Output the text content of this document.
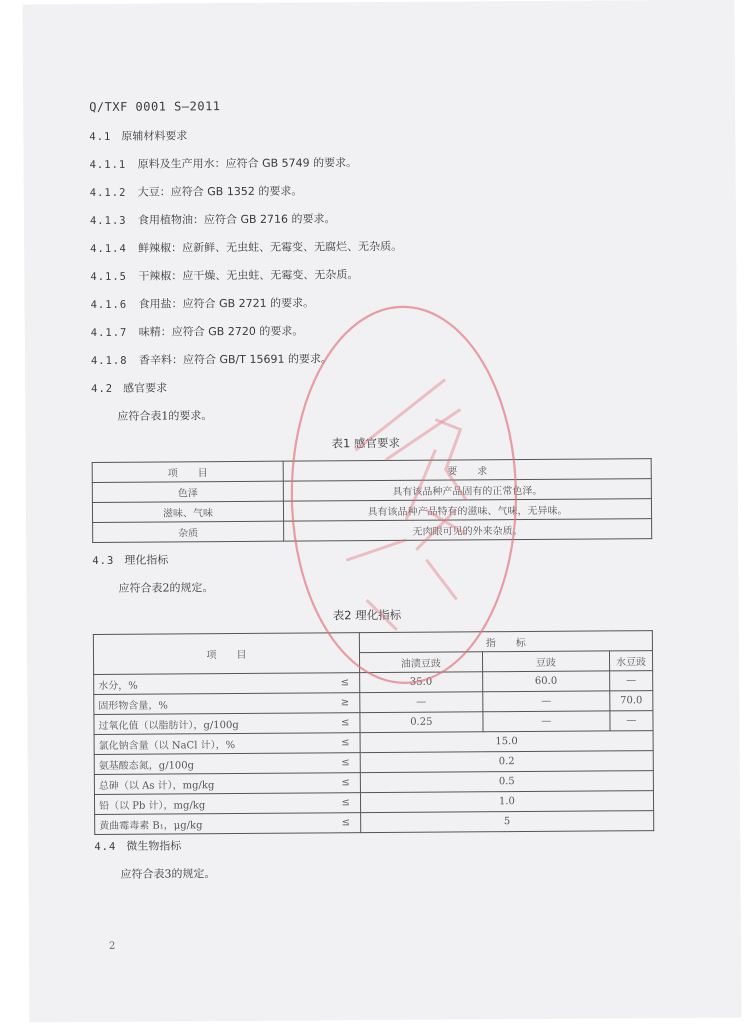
Q/TXF 0001 S—2011
4.1 原辅材料要求
4.1.1 原料及生产用水：应符合 GB 5749 的要求。
4.1.2 大豆：应符合 GB 1352 的要求。
4.1.3 食用植物油：应符合 GB 2716 的要求。
4.1.4 鲜辣椒：应新鲜、无虫蛀、无霉变、无腐烂、无杂质。
4.1.5 干辣椒：应干燥、无虫蛀、无霉变、无杂质。
4.1.6 食用盐：应符合 GB 2721 的要求。
4.1.7 味精：应符合 GB 2720 的要求。
4.1.8 香辛料：应符合 GB/T 15691 的要求。
4.2 感官要求
应符合表1的要求。
表1 感官要求
项　　目	要　　求
色泽	具有该品种产品固有的正常色泽。
滋味、气味	具有该品种产品特有的滋味、气味，无异味。
杂质	无肉眼可见的外来杂质。
4.3 理化指标
应符合表2的规定。
表2 理化指标
项　　目		指　　标		
		油渍豆豉	豆豉	水豆豉
水分，%	≤	35.0	60.0	—
固形物含量，%	≥	—	—	70.0
过氧化值（以脂肪计），g/100g	≤	0.25	—	—
氯化钠含量（以 NaCl 计），%	≤	15.0		
氨基酸态氮，g/100g	≤	0.2		
总砷（以 As 计），mg/kg	≤	0.5		
铅（以 Pb 计），mg/kg	≤	1.0		
黄曲霉毒素 B₁，μg/kg	≤	5		
4.4 微生物指标
应符合表3的规定。
2
